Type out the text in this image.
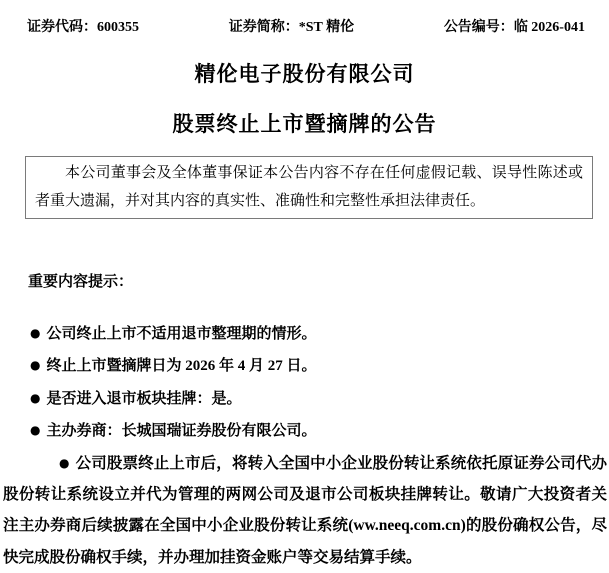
证券代码：600355	证券简称：*ST 精伦	公告编号：临 2026-041
精伦电子股份有限公司
股票终止上市暨摘牌的公告

本公司董事会及全体董事保证本公告内容不存在任何虚假记载、误导性陈述或者重大遗漏，并对其内容的真实性、准确性和完整性承担法律责任。

重要内容提示：
● 公司终止上市不适用退市整理期的情形。
● 终止上市暨摘牌日为 2026 年 4 月 27 日。
● 是否进入退市板块挂牌：是。
● 主办券商：长城国瑞证券股份有限公司。

● 公司股票终止上市后，将转入全国中小企业股份转让系统依托原证券公司代办股份转让系统设立并代为管理的两网公司及退市公司板块挂牌转让。敬请广大投资者关注主办券商后续披露在全国中小企业股份转让系统(ww.neeq.com.cn)的股份确权公告，尽快完成股份确权手续，并办理加挂资金账户等交易结算手续。
